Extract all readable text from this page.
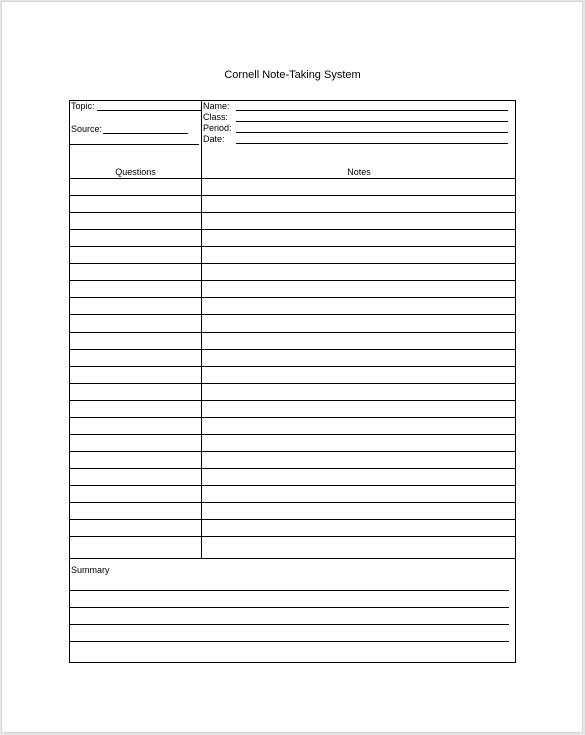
Cornell Note-Taking System
Topic:
Source:
Name:
Class:
Period:
Date:
Questions	Notes
Summary
